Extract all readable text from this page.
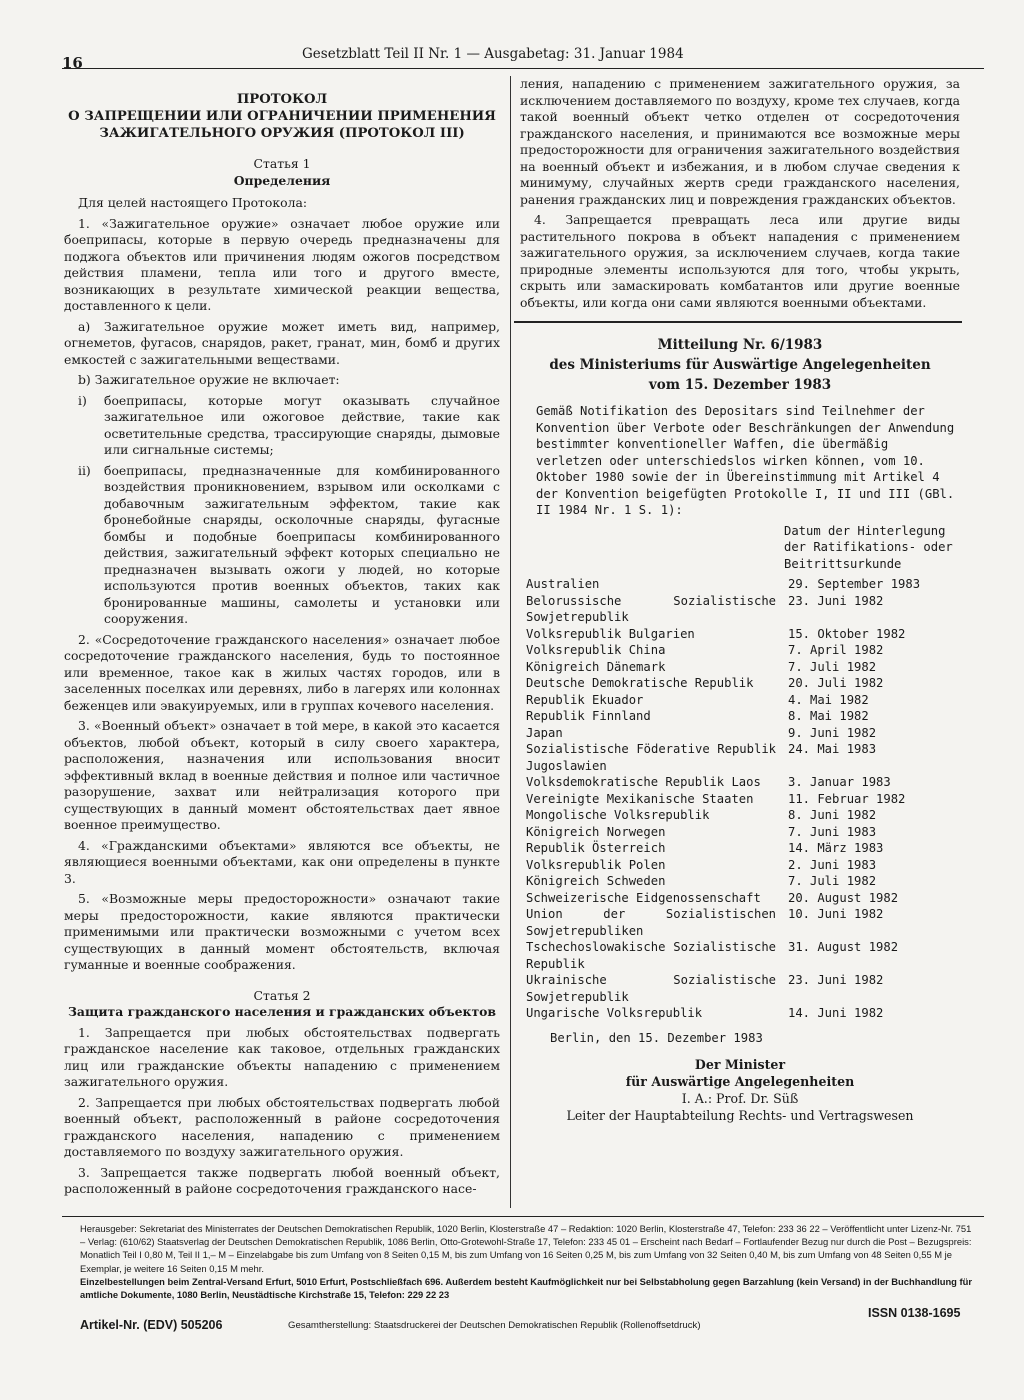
16	Gesetzblatt Teil II Nr. 1 — Ausgabetag: 31. Januar 1984
ПРОТОКОЛ
О ЗАПРЕЩЕНИИ ИЛИ ОГРАНИЧЕНИИ ПРИМЕНЕНИЯ
ЗАЖИГАТЕЛЬНОГО ОРУЖИЯ (ПРОТОКОЛ III)
Статья 1
Определения

Для целей настоящего Протокола:

1. «Зажигательное оружие» означает любое оружие или боеприпасы, которые в первую очередь предназначены для поджога объектов или причинения людям ожогов посредством действия пламени, тепла или того и другого вместе, возникающих в результате химической реакции вещества, доставленного к цели.

a) Зажигательное оружие может иметь вид, например, огнеметов, фугасов, снарядов, ракет, гранат, мин, бомб и других емкостей с зажигательными веществами.

b) Зажигательное оружие не включает:

i)	боеприпасы, которые могут оказывать случайное зажигательное или ожоговое действие, такие как осветительные средства, трассирующие снаряды, дымовые или сигнальные системы;
ii)	боеприпасы, предназначенные для комбинированного воздействия проникновением, взрывом или осколками с добавочным зажигательным эффектом, такие как бронебойные снаряды, осколочные снаряды, фугасные бомбы и подобные боеприпасы комбинированного действия, зажигательный эффект которых специально не предназначен вызывать ожоги у людей, но которые используются против военных объектов, таких как бронированные машины, самолеты и установки или сооружения.

2. «Сосредоточение гражданского населения» означает любое сосредоточение гражданского населения, будь то постоянное или временное, такое как в жилых частях городов, или в заселенных поселках или деревнях, либо в лагерях или колоннах беженцев или эвакуируемых, или в группах кочевого населения.

3. «Военный объект» означает в той мере, в какой это касается объектов, любой объект, который в силу своего характера, расположения, назначения или использования вносит эффективный вклад в военные действия и полное или частичное разорушение, захват или нейтрализация которого при существующих в данный момент обстоятельствах дает явное военное преимущество.

4. «Гражданскими объектами» являются все объекты, не являющиеся военными объектами, как они определены в пункте 3.

5. «Возможные меры предосторожности» означают такие меры предосторожности, какие являются практически применимыми или практически возможными с учетом всех существующих в данный момент обстоятельств, включая гуманные и военные соображения.

Статья 2
Защита гражданского населения и гражданских объектов

1. Запрещается при любых обстоятельствах подвергать гражданское население как таковое, отдельных гражданских лиц или гражданские объекты нападению с применением зажигательного оружия.

2. Запрещается при любых обстоятельствах подвергать любой военный объект, расположенный в районе сосредоточения гражданского населения, нападению с применением доставляемого по воздуху зажигательного оружия.

3. Запрещается также подвергать любой военный объект, расположенный в районе сосредоточения гражданского насе-

ления, нападению с применением зажигательного оружия, за исключением доставляемого по воздуху, кроме тех случаев, когда такой военный объект четко отделен от сосредоточения гражданского населения, и принимаются все возможные меры предосторожности для ограничения зажигательного воздействия на военный объект и избежания, и в любом случае сведения к минимуму, случайных жертв среди гражданского населения, ранения гражданских лиц и повреждения гражданских объектов.

4. Запрещается превращать леса или другие виды растительного покрова в объект нападения с применением зажигательного оружия, за исключением случаев, когда такие природные элементы используются для того, чтобы укрыть, скрыть или замаскировать комбатантов или другие военные объекты, или когда они сами являются военными объектами.

Mitteilung Nr. 6/1983
des Ministeriums für Auswärtige Angelegenheiten
vom 15. Dezember 1983
Gemäß Notifikation des Depositars sind Teilnehmer der Konvention über Verbote oder Beschränkungen der Anwendung bestimmter konventioneller Waffen, die übermäßig verletzen oder unterschiedslos wirken können, vom 10. Oktober 1980 sowie der in Übereinstimmung mit Artikel 4 der Konvention beigefügten Protokolle I, II und III (GBl. II 1984 Nr. 1 S. 1):
Datum der Hinterlegung der Ratifikations- oder Beitrittsurkunde
Australien	29. September 1983
Belorussische Sozialistische Sowjetrepublik
23. Juni 1982
Volksrepublik Bulgarien	15. Oktober 1982
Volksrepublik China	7. April 1982
Königreich Dänemark	7. Juli 1982
Deutsche Demokratische Republik	20. Juli 1982
Republik Ekuador	4. Mai 1982
Republik Finnland	8. Mai 1982
Japan	9. Juni 1982
Sozialistische Föderative Republik Jugoslawien
24. Mai 1983
Volksdemokratische Republik Laos	3. Januar 1983
Vereinigte Mexikanische Staaten	11. Februar 1982
Mongolische Volksrepublik	8. Juni 1982
Königreich Norwegen	7. Juni 1983
Republik Österreich	14. März 1983
Volksrepublik Polen	2. Juni 1983
Königreich Schweden	7. Juli 1982
Schweizerische Eidgenossenschaft	20. August 1982
Union der Sozialistischen Sowjetrepubliken
10. Juni 1982
Tschechoslowakische Sozialistische Republik
31. August 1982
Ukrainische Sozialistische Sowjetrepublik
23. Juni 1982
Ungarische Volksrepublik	14. Juni 1982
Berlin, den 15. Dezember 1983
Der Minister
für Auswärtige Angelegenheiten
I. A.: Prof. Dr. Süß
Leiter der Hauptabteilung Rechts- und Vertragswesen
Herausgeber: Sekretariat des Ministerrates der Deutschen Demokratischen Republik, 1020 Berlin, Klosterstraße 47 – Redaktion: 1020 Berlin, Klosterstraße 47, Telefon: 233 36 22 – Veröffentlicht unter Lizenz-Nr. 751 – Verlag: (610/62) Staatsverlag der Deutschen Demokratischen Republik, 1086 Berlin, Otto-Grotewohl-Straße 17, Telefon: 233 45 01 – Erscheint nach Bedarf – Fortlaufender Bezug nur durch die Post – Bezugspreis: Monatlich Teil I 0,80 M, Teil II 1,– M – Einzelabgabe bis zum Umfang von 8 Seiten 0,15 M, bis zum Umfang von 16 Seiten 0,25 M, bis zum Umfang von 32 Seiten 0,40 M, bis zum Umfang von 48 Seiten 0,55 M je Exemplar, je weitere 16 Seiten 0,15 M mehr.
Einzelbestellungen beim Zentral-Versand Erfurt, 5010 Erfurt, Postschließfach 696. Außerdem besteht Kaufmöglichkeit nur bei Selbstabholung gegen Barzahlung (kein Versand) in der Buchhandlung für amtliche Dokumente, 1080 Berlin, Neustädtische Kirchstraße 15, Telefon: 229 22 23
Artikel-Nr. (EDV) 505206	Gesamtherstellung: Staatsdruckerei der Deutschen Demokratischen Republik (Rollenoffsetdruck)
ISSN 0138-1695
